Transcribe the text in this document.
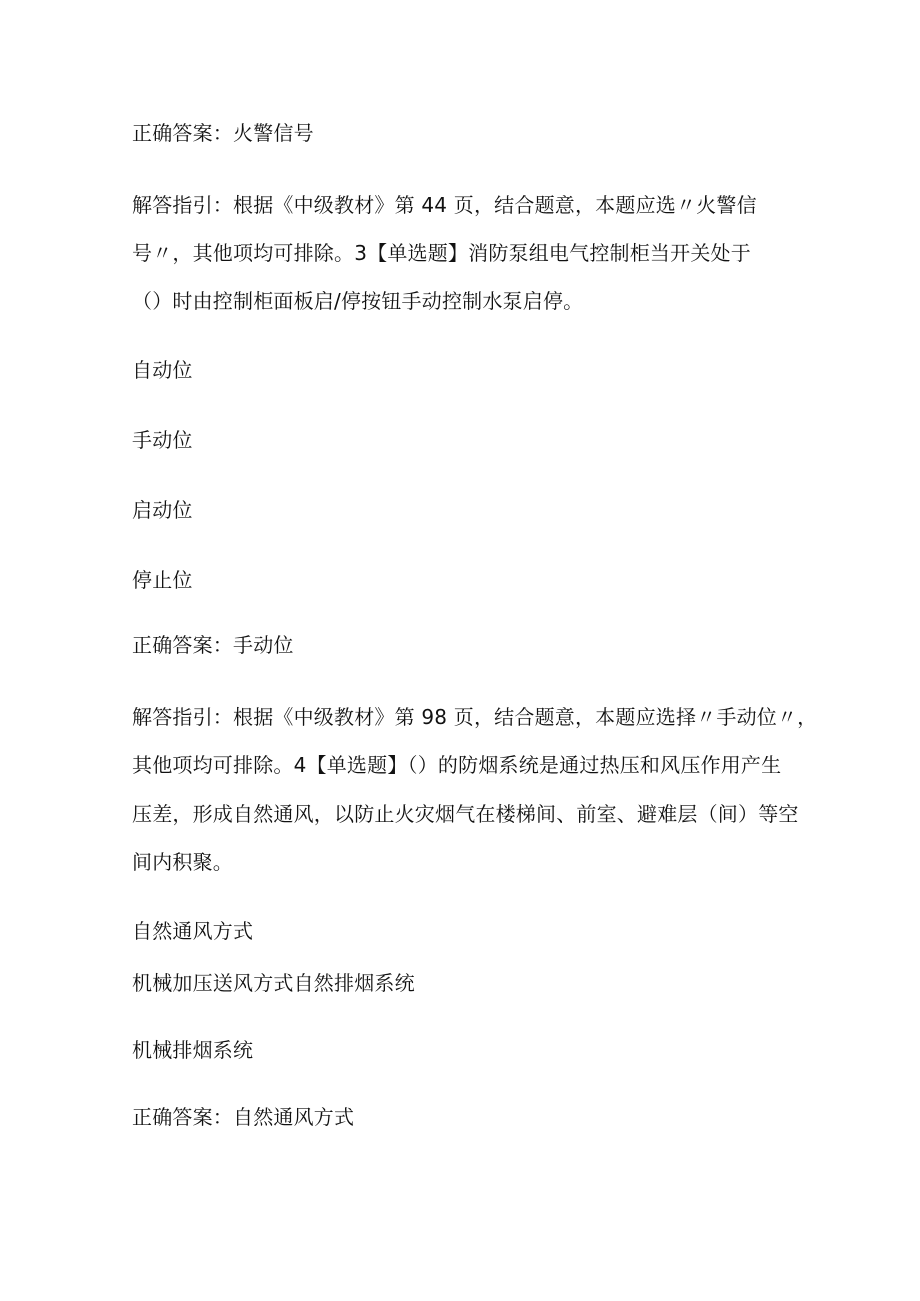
正确答案：火警信号
解答指引：根据《中级教材》第 44 页，结合题意，本题应选〃火警信
号〃，其他项均可排除。3【单选题】消防泵组电气控制柜当开关处于
（）时由控制柜面板启/停按钮手动控制水泵启停。
自动位
手动位
启动位
停止位
正确答案：手动位
解答指引：根据《中级教材》第 98 页，结合题意，本题应选择〃手动位〃，
其他项均可排除。4【单选题】（）的防烟系统是通过热压和风压作用产生
压差，形成自然通风，以防止火灾烟气在楼梯间、前室、避难层（间）等空
间内积聚。
自然通风方式
机械加压送风方式自然排烟系统
机械排烟系统
正确答案：自然通风方式
